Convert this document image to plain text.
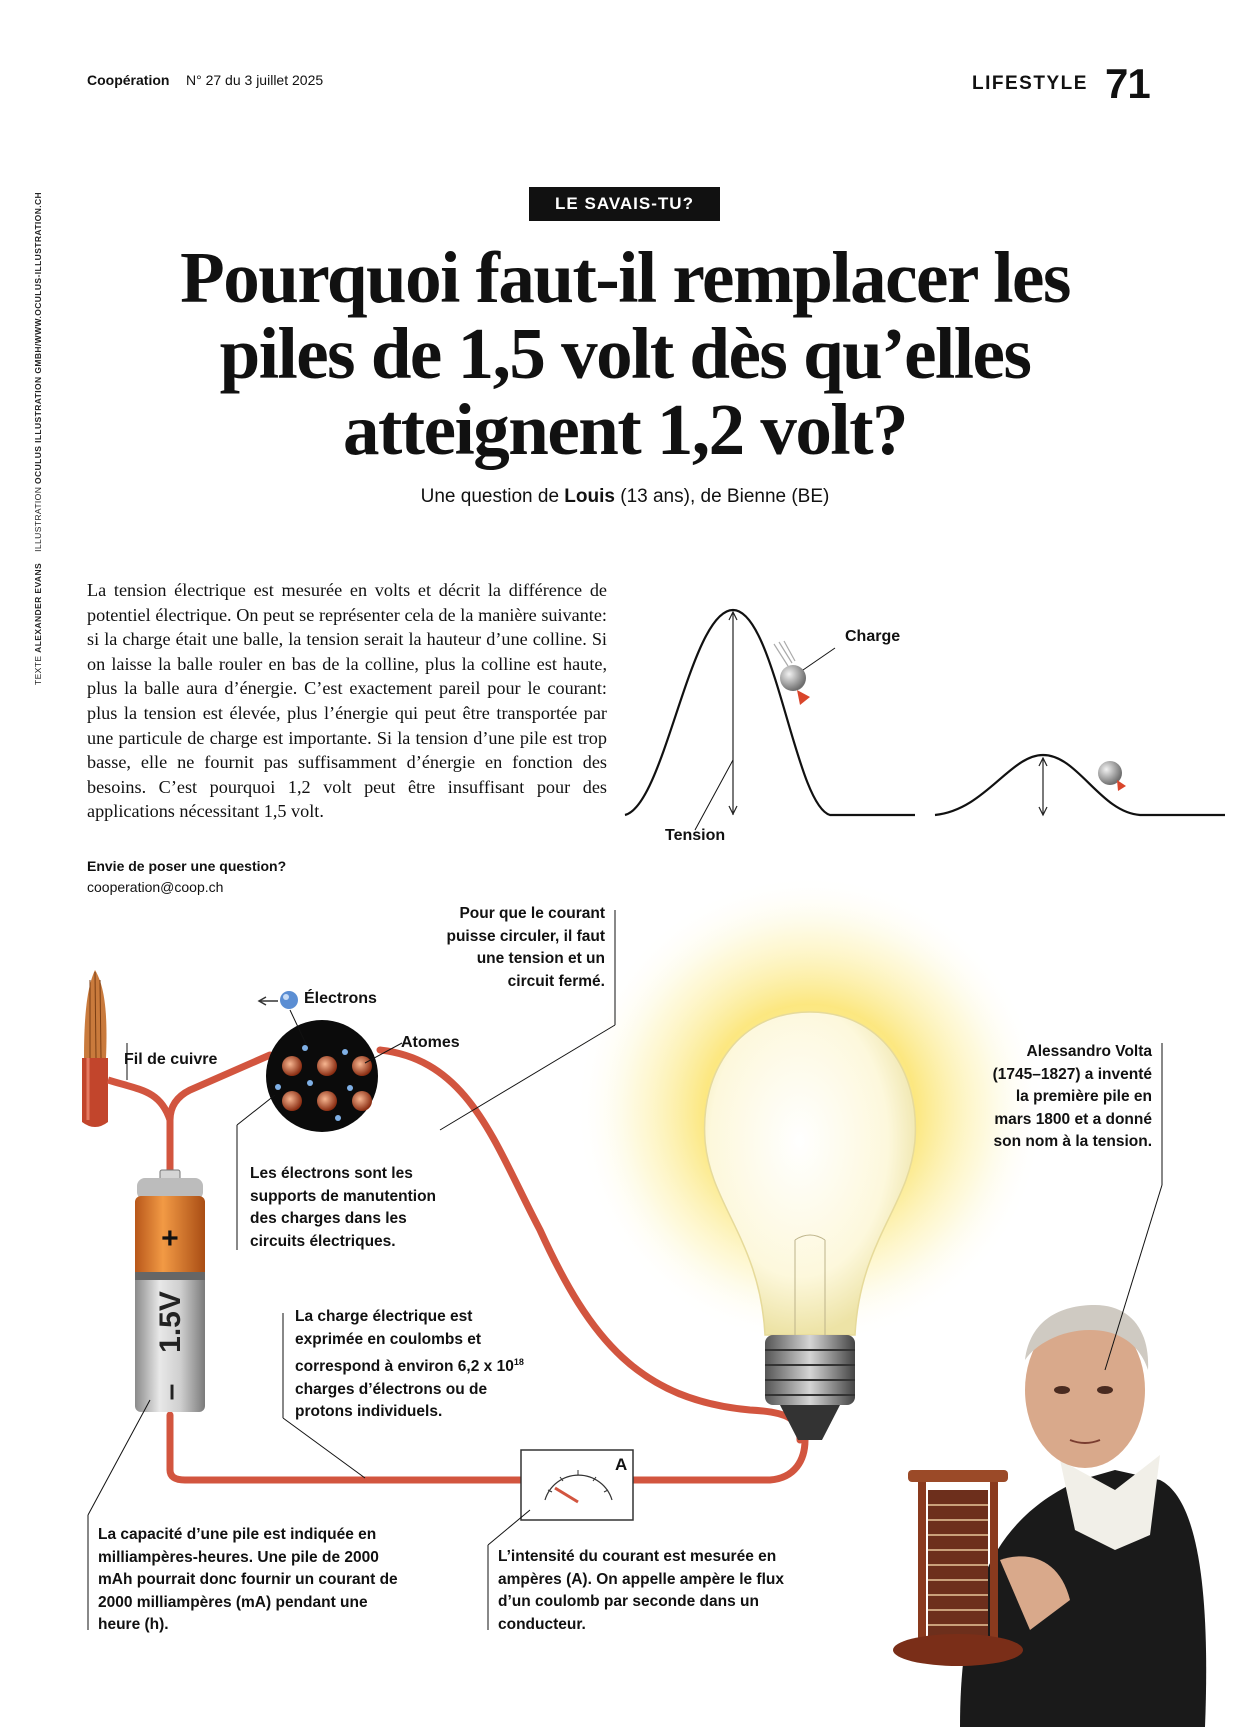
Coopération N° 27 du 3 juillet 2025	LIFESTYLE 71
TEXTE ALEXANDER EVANS    ILLUSTRATION OCULUS ILLUSTRATION GMBH/WWW.OCULUS-ILLUSTRATION.CH	LE SAVAIS-TU?
Pourquoi faut-il remplacer les piles de 1,5 volt dès qu’elles atteignent 1,2 volt?
Une question de Louis (13 ans), de Bienne (BE)
La tension électrique est mesurée en volts et décrit la différence de potentiel électrique. On peut se représenter cela de la manière suivante: si la charge était une balle, la tension serait la hauteur d’une colline. Si on laisse la balle rouler en bas de la colline, plus la colline est haute, plus la balle aura d’énergie. C’est exactement pareil pour le courant: plus la tension est élevée, plus l’énergie qui peut être transportée par une particule de charge est importante. Si la tension d’une pile est trop basse, elle ne fournit pas suffisamment d’énergie en fonction des besoins. C’est pourquoi 1,2 volt peut être insuffisant pour des applications nécessitant 1,5 volt.
Envie de poser une question?
cooperation@coop.ch
+
1.5V
–
A
Charge
Tension
Électrons
Atomes
Fil de cuivre
Pour que le courant puisse circuler, il faut une tension et un circuit fermé.
Les électrons sont les supports de manutention des charges dans les circuits électriques.
La charge électrique est exprimée en coulombs et correspond à environ 6,2 x $10^{18}$ charges d’électrons ou de protons individuels.
La capacité d’une pile est indiquée en milliampères-heures. Une pile de 2000 mAh pourrait donc fournir un courant de 2000 milliampères (mA) pendant une heure (h).
L’intensité du courant est mesurée en ampères (A). On appelle ampère le flux d’un coulomb par seconde dans un conducteur.
Alessandro Volta (1745–1827) a inventé la première pile en mars 1800 et a donné son nom à la tension.
